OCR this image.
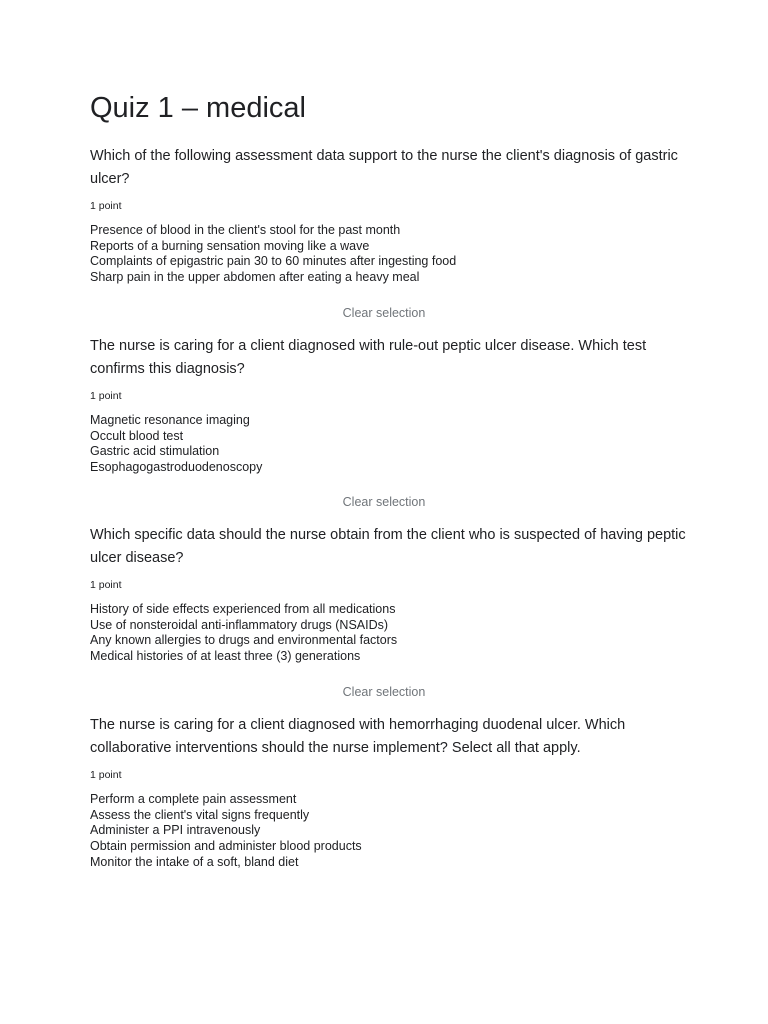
Quiz 1 – medical

Which of the following assessment data support to the nurse the client's diagnosis of gastric ulcer?

1 point
Presence of blood in the client's stool for the past month
Reports of a burning sensation moving like a wave
Complaints of epigastric pain 30 to 60 minutes after ingesting food
Sharp pain in the upper abdomen after eating a heavy meal
Clear selection

The nurse is caring for a client diagnosed with rule-out peptic ulcer disease. Which test confirms this diagnosis?

1 point
Magnetic resonance imaging
Occult blood test
Gastric acid stimulation
Esophagogastroduodenoscopy
Clear selection

Which specific data should the nurse obtain from the client who is suspected of having peptic ulcer disease?

1 point
History of side effects experienced from all medications
Use of nonsteroidal anti-inflammatory drugs (NSAIDs)
Any known allergies to drugs and environmental factors
Medical histories of at least three (3) generations
Clear selection

The nurse is caring for a client diagnosed with hemorrhaging duodenal ulcer. Which collaborative interventions should the nurse implement? Select all that apply.

1 point
Perform a complete pain assessment
Assess the client's vital signs frequently
Administer a PPI intravenously
Obtain permission and administer blood products
Monitor the intake of a soft, bland diet
